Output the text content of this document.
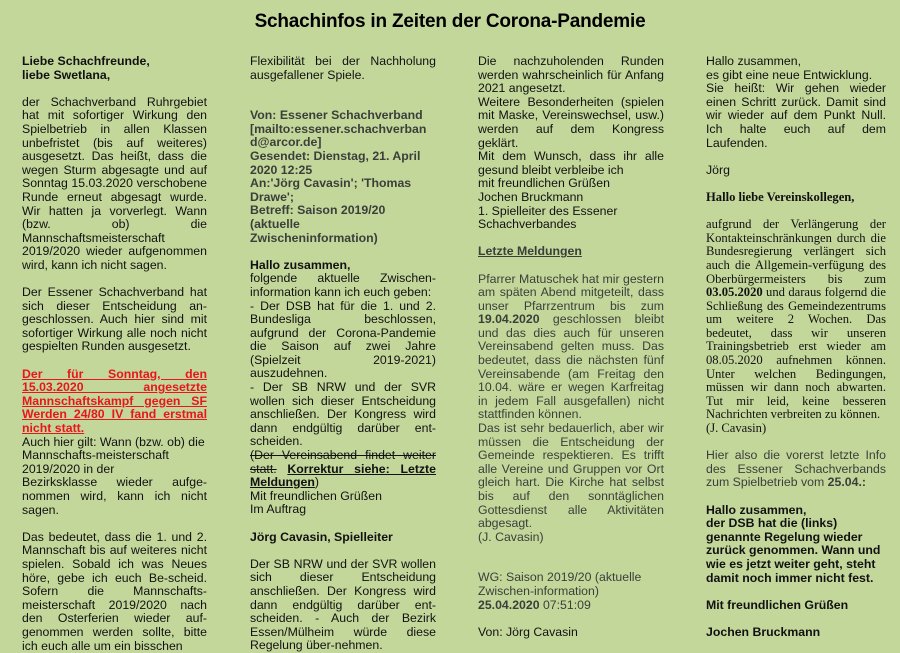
Schachinfos in Zeiten der Corona-Pandemie

Liebe Schachfreunde,

liebe Swetlana,

der Schachverband Ruhrgebiet hat mit sofortiger Wirkung den Spielbetrieb in allen Klassen unbefristet (bis auf weiteres) ausgesetzt. Das heißt, dass die wegen Sturm abgesagte und auf Sonntag 15.03.2020 verschobene Runde erneut abgesagt wurde. Wir hatten ja vorverlegt. Wann (bzw. ob) die Mannschaftsmeisterschaft 2019/2020 wieder aufgenommen wird, kann ich nicht sagen.

Der Essener Schachverband hat sich dieser Entscheidung an-geschlossen. Auch hier sind mit sofortiger Wirkung alle noch nicht gespielten Runden ausgesetzt.

Der für Sonntag, den 15.03.2020 angesetzte Mannschaftskampf gegen SF Werden 24/80 IV fand erstmal nicht statt.

Auch hier gilt: Wann (bzw. ob) die Mannschafts-meisterschaft

2019/2020 in der

Bezirksklasse wieder aufge-nommen wird, kann ich nicht sagen.

Das bedeutet, dass die 1. und 2. Mannschaft bis auf weiteres nicht spielen. Sobald ich was Neues höre, gebe ich euch Be-scheid. Sofern die Mannschafts-meisterschaft 2019/2020 nach den Osterferien wieder auf-genommen werden sollte, bitte ich euch alle um ein bisschen

Flexibilität bei der Nachholung ausgefallener Spiele.

Von: Essener Schachverband

[mailto:essener.schachverban

d@arcor.de]

Gesendet: Dienstag, 21. April

2020 12:25

An:'Jörg Cavasin'; 'Thomas

Drawe';

Betreff: Saison 2019/20 (aktuelle

Zwischeninformation)

Hallo zusammen,

folgende aktuelle Zwischen-information kann ich euch geben:

- Der DSB hat für die 1. und 2. Bundesliga beschlossen, aufgrund der Corona-Pandemie die Saison auf zwei Jahre (Spielzeit 2019-2021) auszudehnen.

- Der SB NRW und der SVR wollen sich dieser Entscheidung anschließen. Der Kongress wird dann endgültig darüber ent-scheiden.

(Der Vereinsabend findet weiter statt. Korrektur siehe: Letzte Meldungen)

Mit freundlichen Grüßen

Im Auftrag

Jörg Cavasin, Spielleiter

Der SB NRW und der SVR wollen sich dieser Entscheidung anschließen. Der Kongress wird dann endgültig darüber ent-scheiden. - Auch der Bezirk Essen/Mülheim würde diese Regelung über-nehmen.

Die nachzuholenden Runden werden wahrscheinlich für Anfang 2021 angesetzt.

Weitere Besonderheiten (spielen mit Maske, Vereinswechsel, usw.) werden auf dem Kongress geklärt.

Mit dem Wunsch, dass ihr alle

gesund bleibt verbleibe ich

mit freundlichen Grüßen

Jochen Bruckmann

1. Spielleiter des Essener

Schachverbandes

Letzte Meldungen

Pfarrer Matuschek hat mir gestern am späten Abend mitgeteilt, dass unser Pfarrzentrum bis zum 19.04.2020 geschlossen bleibt und das dies auch für unseren Vereinsabend gelten muss. Das bedeutet, dass die nächsten fünf Vereinsabende (am Freitag den 10.04. wäre er wegen Karfreitag in jedem Fall ausgefallen) nicht stattfinden können.

Das ist sehr bedauerlich, aber wir müssen die Entscheidung der Gemeinde respektieren. Es trifft alle Vereine und Gruppen vor Ort gleich hart. Die Kirche hat selbst bis auf den sonntäglichen Gottesdienst alle Aktivitäten abgesagt.

(J. Cavasin)

WG: Saison 2019/20 (aktuelle

Zwischen-information)

25.04.2020 07:51:09

Von: Jörg Cavasin

Hallo zusammen,

es gibt eine neue Entwicklung.

Sie heißt: Wir gehen wieder einen Schritt zurück. Damit sind wir wieder auf dem Punkt Null. Ich halte euch auf dem Laufenden.

Jörg

Hallo liebe Vereinskollegen,

aufgrund der Verlängerung der Kontakteinschränkungen durch die Bundesregierung verlängert sich auch die Allgemein-verfügung des Oberbürgermeisters bis zum 03.05.2020 und daraus folgernd die Schließung des Gemeindezentrums um weitere 2 Wochen. Das bedeutet, dass wir unseren Trainingsbetrieb erst wieder am 08.05.2020 aufnehmen können. Unter welchen Bedingungen, müssen wir dann noch abwarten. Tut mir leid, keine besseren Nachrichten verbreiten zu können.

(J. Cavasin)

Hier also die vorerst letzte Info des Essener Schachverbands zum Spielbetrieb vom 25.04.:

Hallo zusammen,

der DSB hat die (links) genannte Regelung wieder zurück genommen. Wann und wie es jetzt weiter geht, steht damit noch immer nicht fest.

Mit freundlichen Grüßen

Jochen Bruckmann
